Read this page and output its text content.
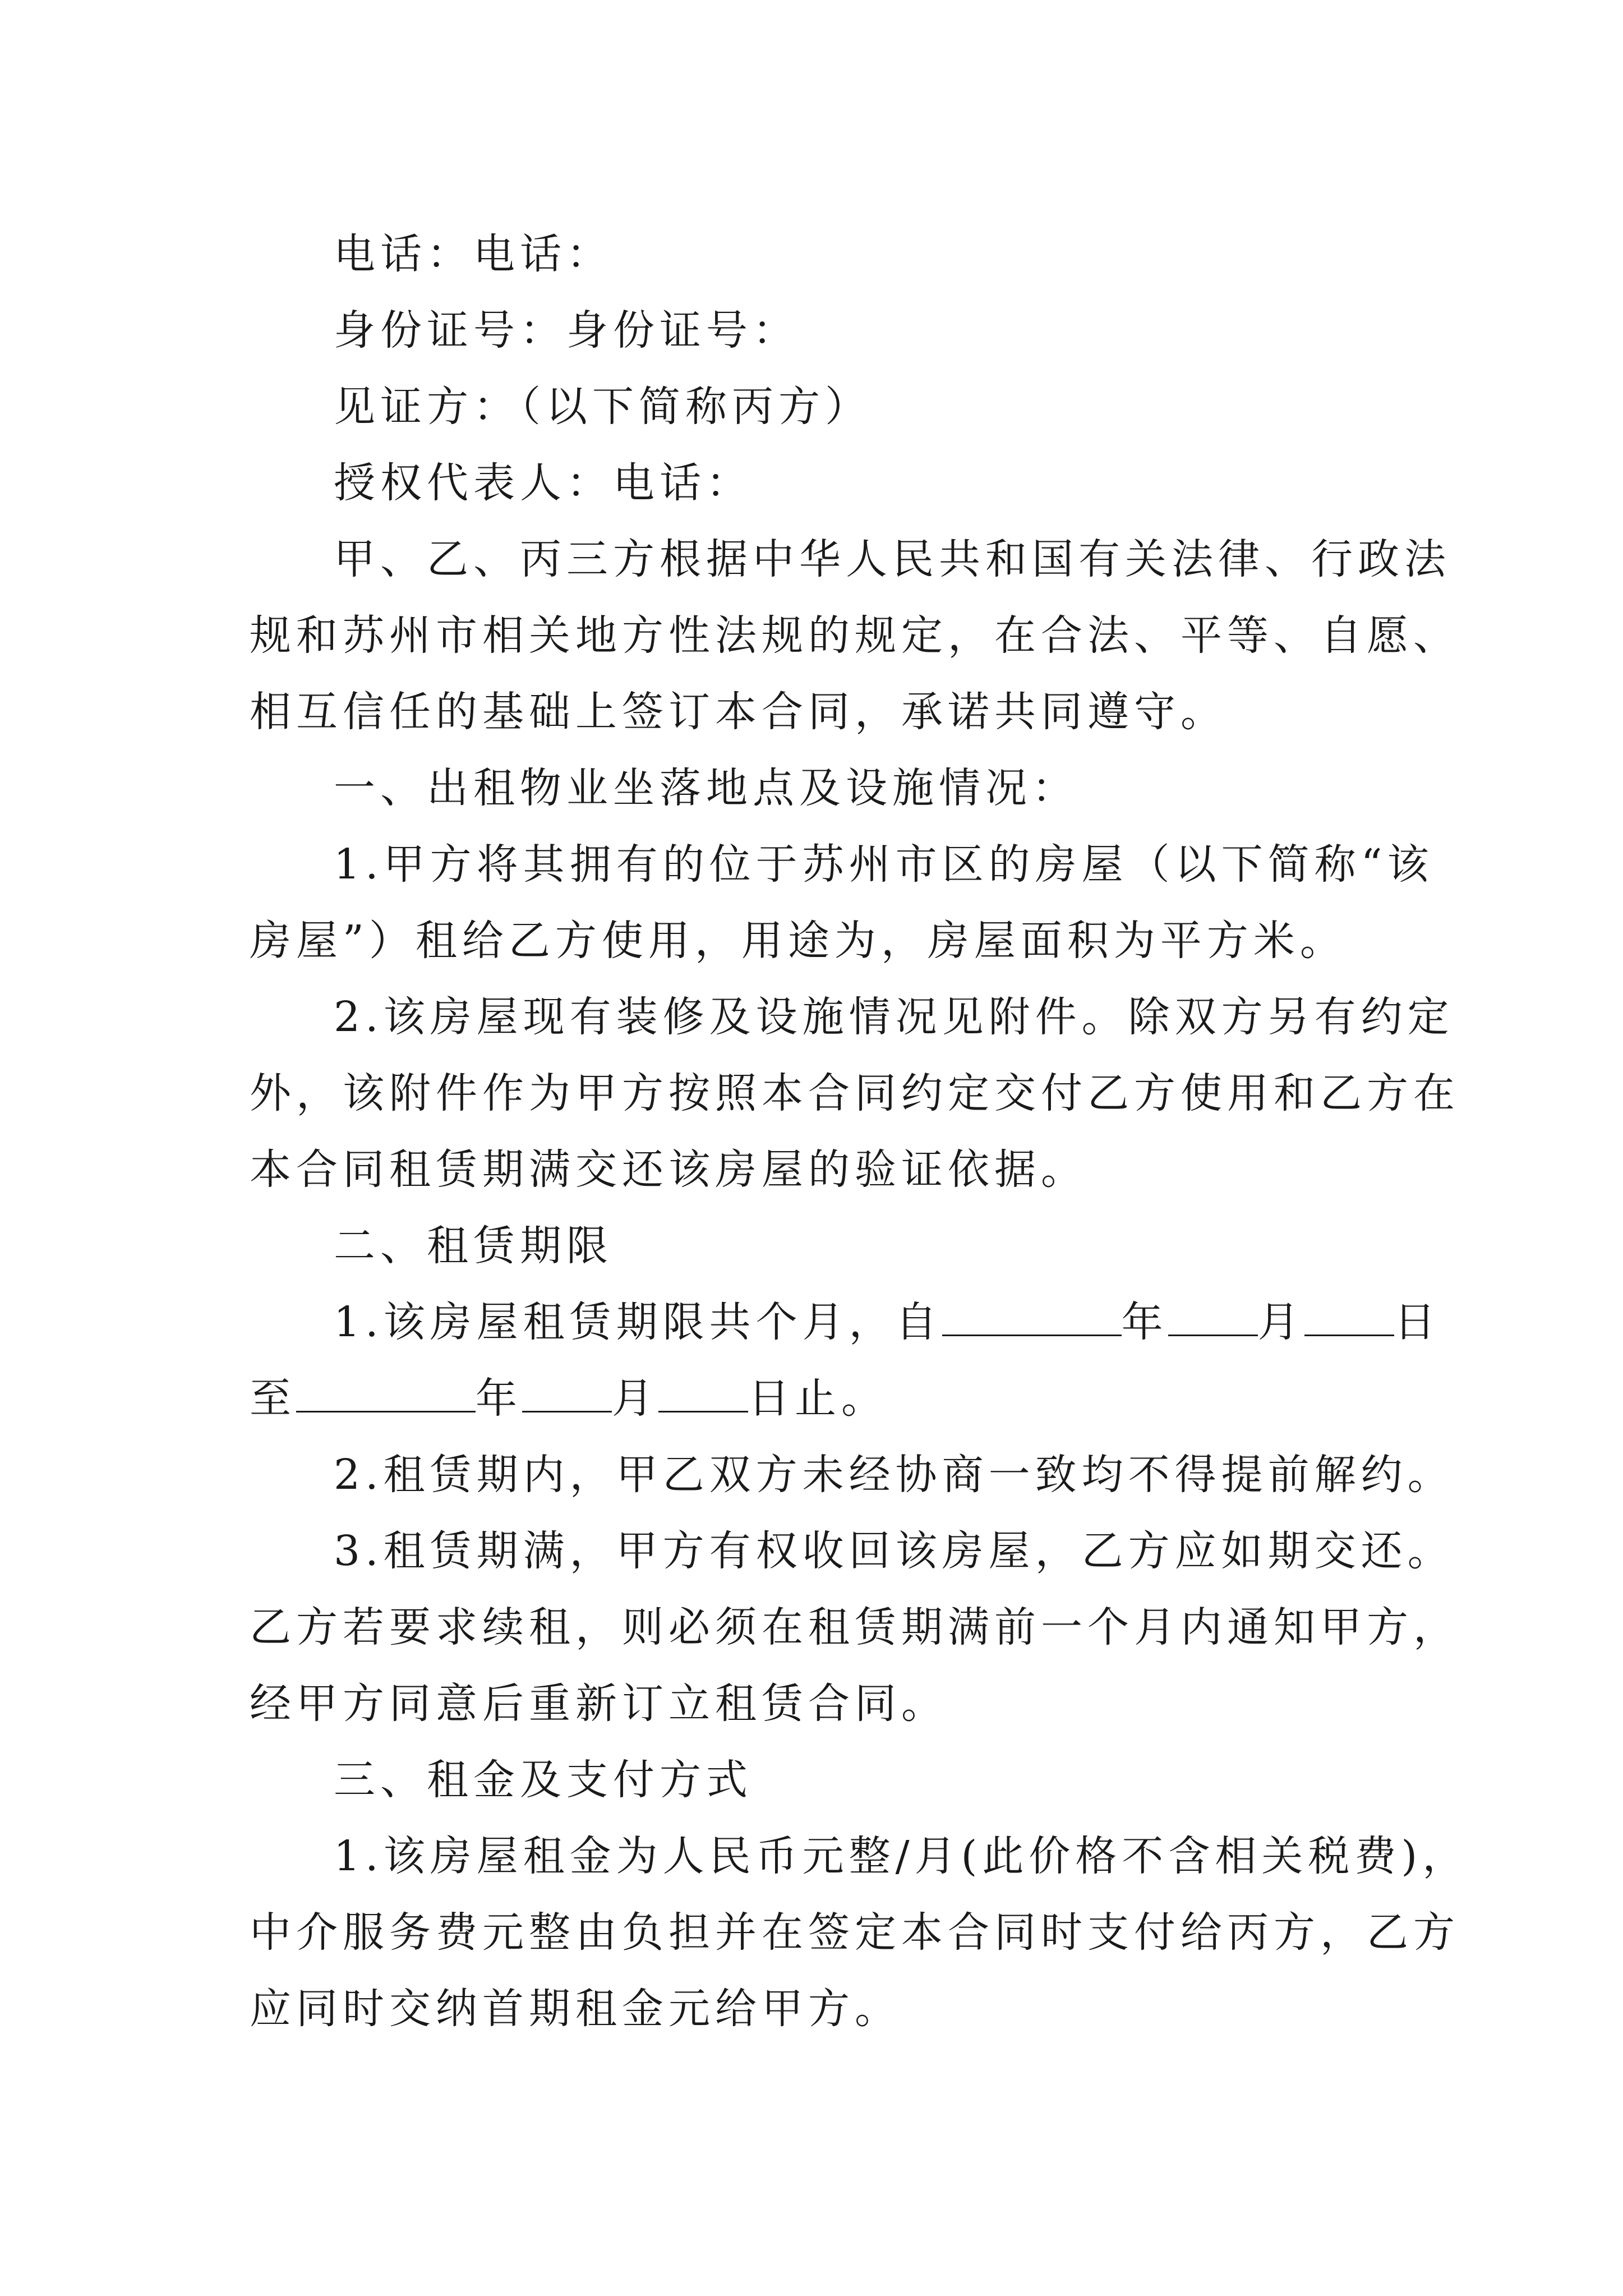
电话：电话：
身份证号：身份证号：
见证方：（以下简称丙方）
授权代表人：电话：
甲、乙、丙三方根据中华人民共和国有关法律、行政法
规和苏州市相关地方性法规的规定，在合法、平等、自愿、
相互信任的基础上签订本合同，承诺共同遵守。
一、出租物业坐落地点及设施情况：
1.甲方将其拥有的位于苏州市区的房屋（以下简称“该
房屋”）租给乙方使用，用途为，房屋面积为平方米。
2.该房屋现有装修及设施情况见附件。除双方另有约定
外，该附件作为甲方按照本合同约定交付乙方使用和乙方在
本合同租赁期满交还该房屋的验证依据。
二、租赁期限
1.该房屋租赁期限共个月，自	年 月 日
至	年 月 日止。
2.租赁期内，甲乙双方未经协商一致均不得提前解约。
3.租赁期满，甲方有权收回该房屋，乙方应如期交还。
乙方若要求续租，则必须在租赁期满前一个月内通知甲方，
经甲方同意后重新订立租赁合同。
三、租金及支付方式
1.该房屋租金为人民币元整/月(此价格不含相关税费)，
中介服务费元整由负担并在签定本合同时支付给丙方，乙方
应同时交纳首期租金元给甲方。
